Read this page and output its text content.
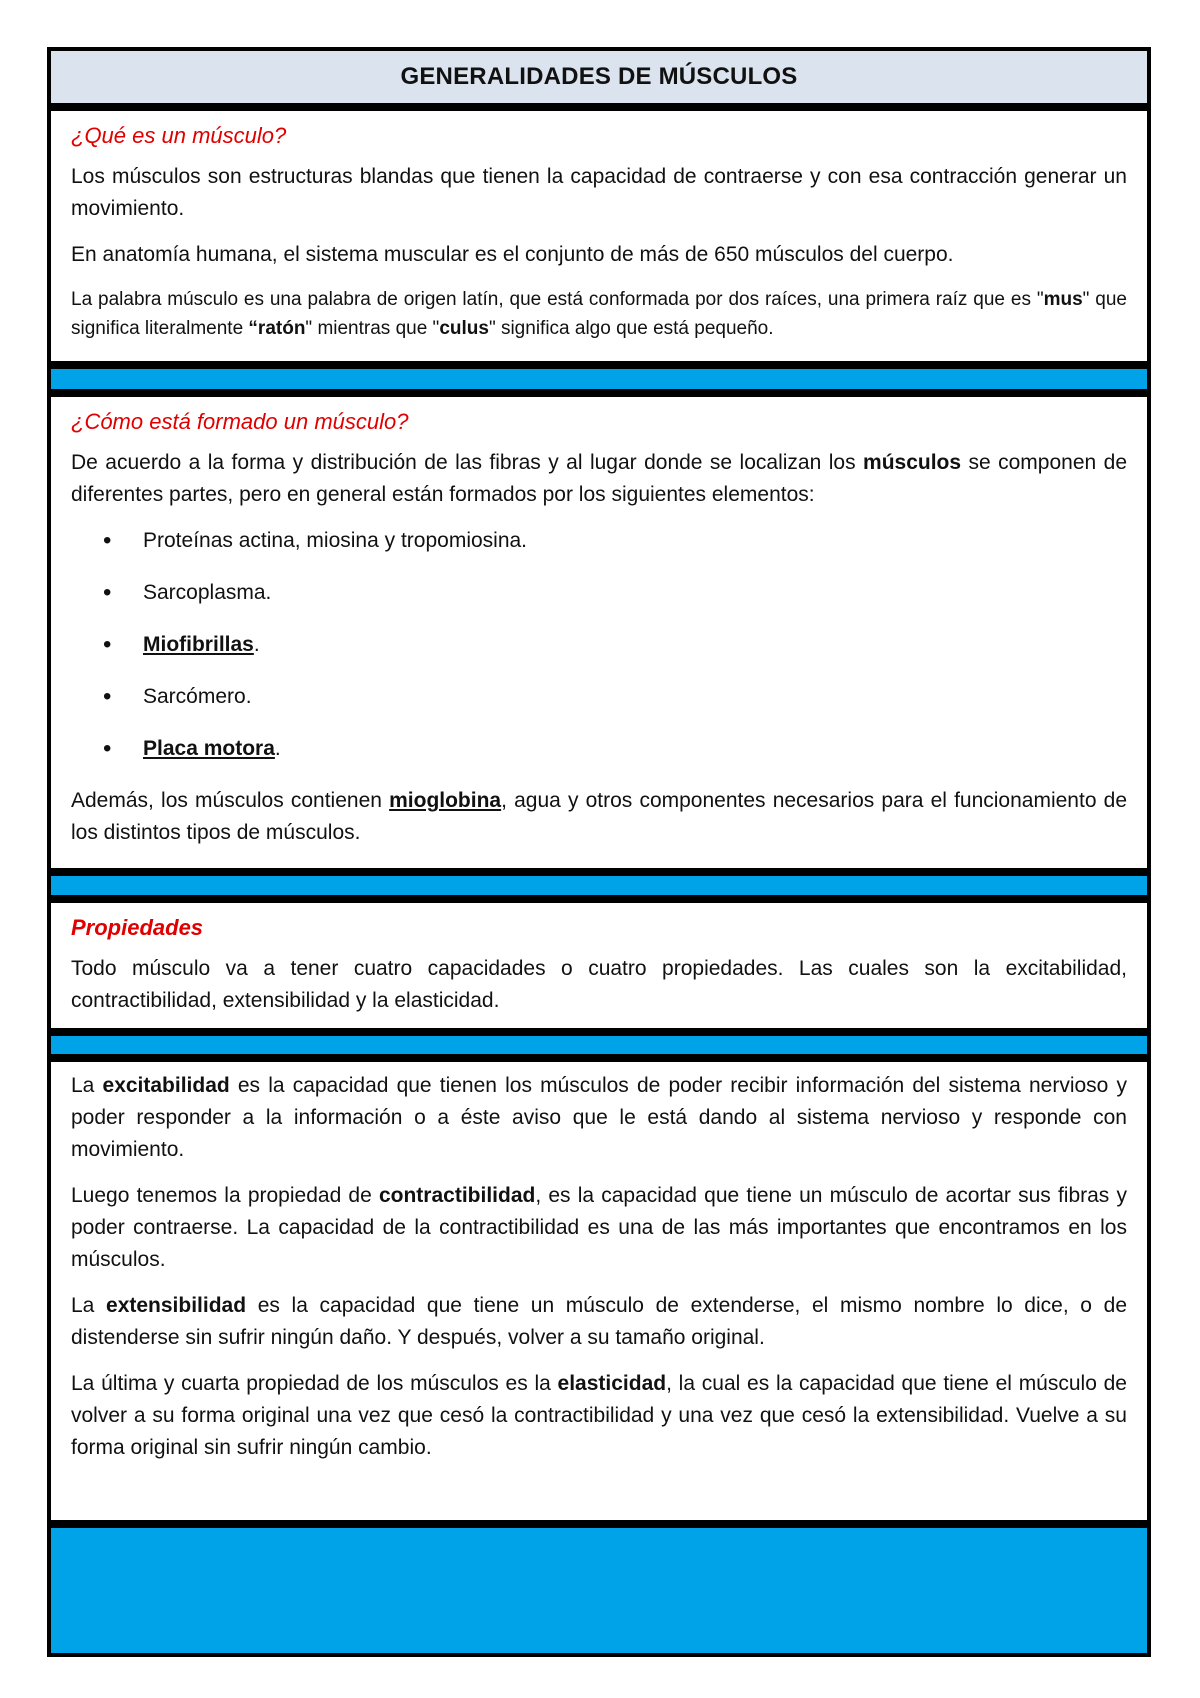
GENERALIDADES DE MÚSCULOS
¿Qué es un músculo?

Los músculos son estructuras blandas que tienen la capacidad de contraerse y con esa contracción generar un movimiento.

En anatomía humana, el sistema muscular es el conjunto de más de 650 músculos del cuerpo.

La palabra músculo es una palabra de origen latín, que está conformada por dos raíces, una primera raíz que es "mus" que significa literalmente “ratón" mientras que "culus" significa algo que está pequeño.

¿Cómo está formado un músculo?

De acuerdo a la forma y distribución de las fibras y al lugar donde se localizan los músculos se componen de diferentes partes, pero en general están formados por los siguientes elementos:

• Proteínas actina, miosina y tropomiosina.
• Sarcoplasma.
• Miofibrillas.
• Sarcómero.
• Placa motora.

Además, los músculos contienen mioglobina, agua y otros componentes necesarios para el funcionamiento de los distintos tipos de músculos.

Propiedades

Todo músculo va a tener cuatro capacidades o cuatro propiedades. Las cuales son la excitabilidad, contractibilidad, extensibilidad y la elasticidad.

La excitabilidad es la capacidad que tienen los músculos de poder recibir información del sistema nervioso y poder responder a la información o a éste aviso que le está dando al sistema nervioso y responde con movimiento.

Luego tenemos la propiedad de contractibilidad, es la capacidad que tiene un músculo de acortar sus fibras y poder contraerse. La capacidad de la contractibilidad es una de las más importantes que encontramos en los músculos.

La extensibilidad es la capacidad que tiene un músculo de extenderse, el mismo nombre lo dice, o de distenderse sin sufrir ningún daño. Y después, volver a su tamaño original.

La última y cuarta propiedad de los músculos es la elasticidad, la cual es la capacidad que tiene el músculo de volver a su forma original una vez que cesó la contractibilidad y una vez que cesó la extensibilidad. Vuelve a su forma original sin sufrir ningún cambio.
